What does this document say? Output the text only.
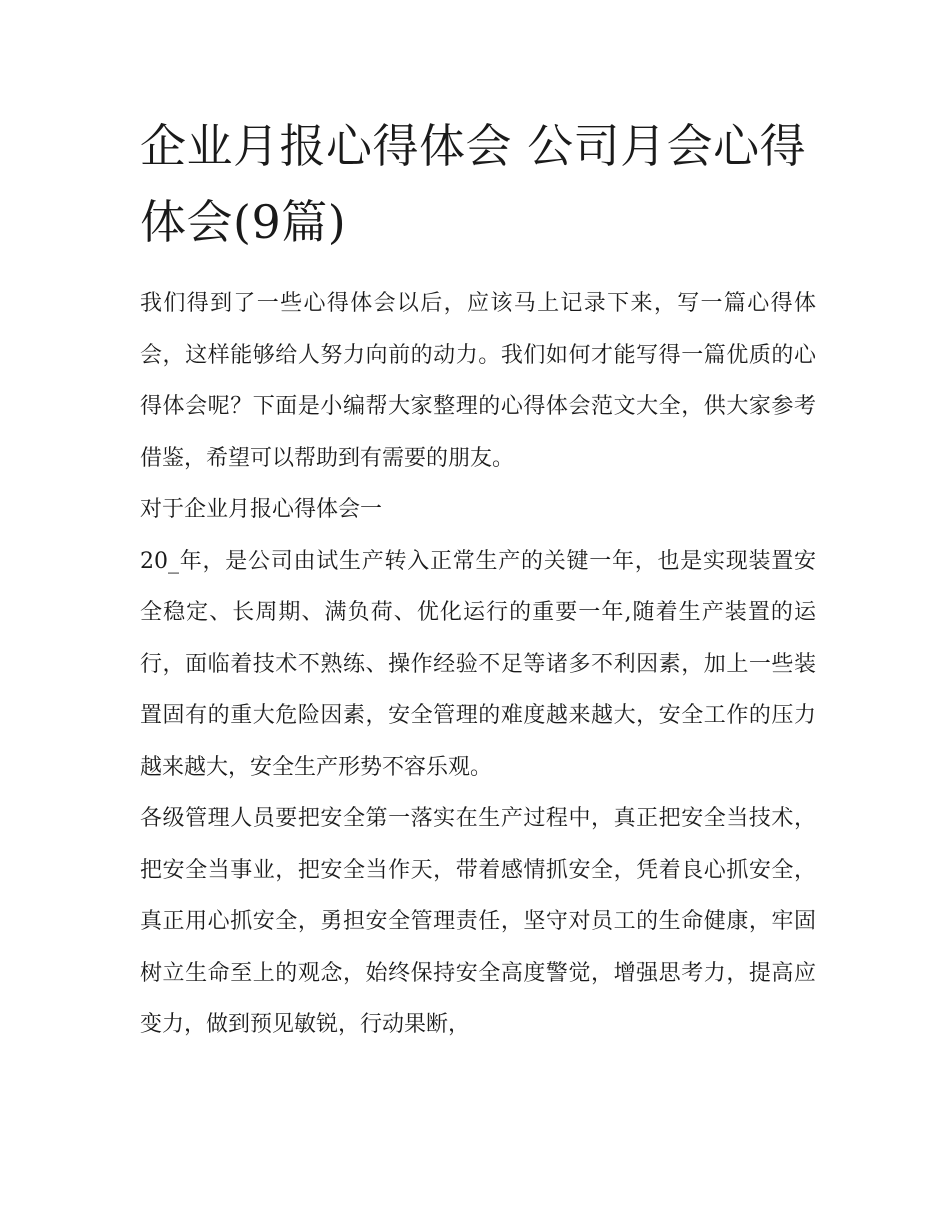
企业月报心得体会 公司月会心得体会(9篇)

我们得到了一些心得体会以后，应该马上记录下来，写一篇心得体会，这样能够给人努力向前的动力。我们如何才能写得一篇优质的心得体会呢？下面是小编帮大家整理的心得体会范文大全，供大家参考借鉴，希望可以帮助到有需要的朋友。

对于企业月报心得体会一

20_年，是公司由试生产转入正常生产的关键一年，也是实现装置安全稳定、长周期、满负荷、优化运行的重要一年,随着生产装置的运行，面临着技术不熟练、操作经验不足等诸多不利因素，加上一些装置固有的重大危险因素，安全管理的难度越来越大，安全工作的压力越来越大，安全生产形势不容乐观。

各级管理人员要把安全第一落实在生产过程中，真正把安全当技术，把安全当事业，把安全当作天，带着感情抓安全，凭着良心抓安全，真正用心抓安全，勇担安全管理责任，坚守对员工的生命健康，牢固树立生命至上的观念，始终保持安全高度警觉，增强思考力，提高应变力，做到预见敏锐，行动果断，
